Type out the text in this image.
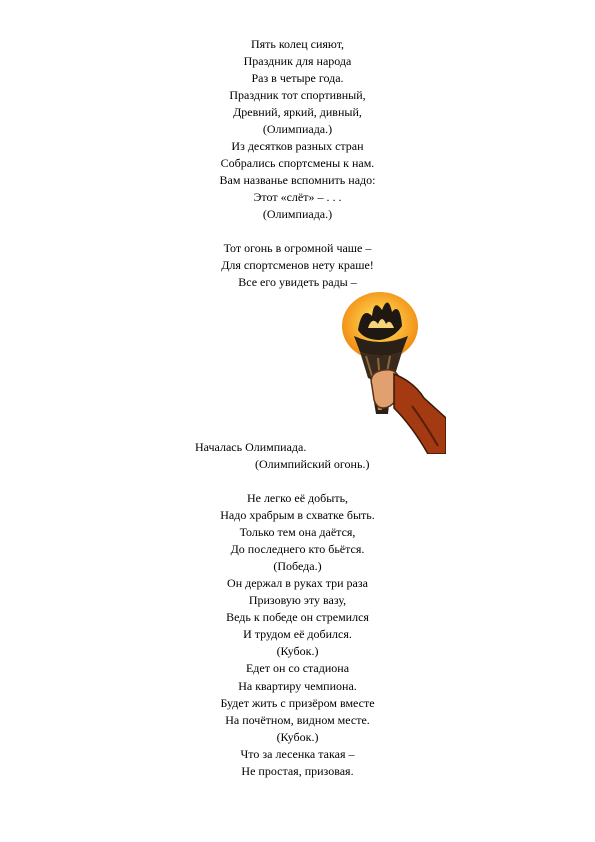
Пять колец сияют,
Праздник для народа
Раз в четыре года.
Праздник тот спортивный,
Древний, яркий, дивный,
(Олимпиада.)
Из десятков разных стран
Собрались спортсмены к нам.
Вам названье вспомнить надо:
Этот «слёт» – . . .
(Олимпиада.)
Тот огонь в огромной чаше –
Для спортсменов нету краше!
Все его увидеть рады –
Началась Олимпиада.
(Олимпийский огонь.)
Не легко её добыть,
Надо храбрым в схватке быть.
Только тем она даётся,
До последнего кто бьётся.
(Победа.)
Он держал в руках три раза
Призовую эту вазу,
Ведь к победе он стремился
И трудом её добился.
(Кубок.)
Едет он со стадиона
На квартиру чемпиона.
Будет жить с призёром вместе
На почётном, видном месте.
(Кубок.)
Что за лесенка такая –
Не простая, призовая.
